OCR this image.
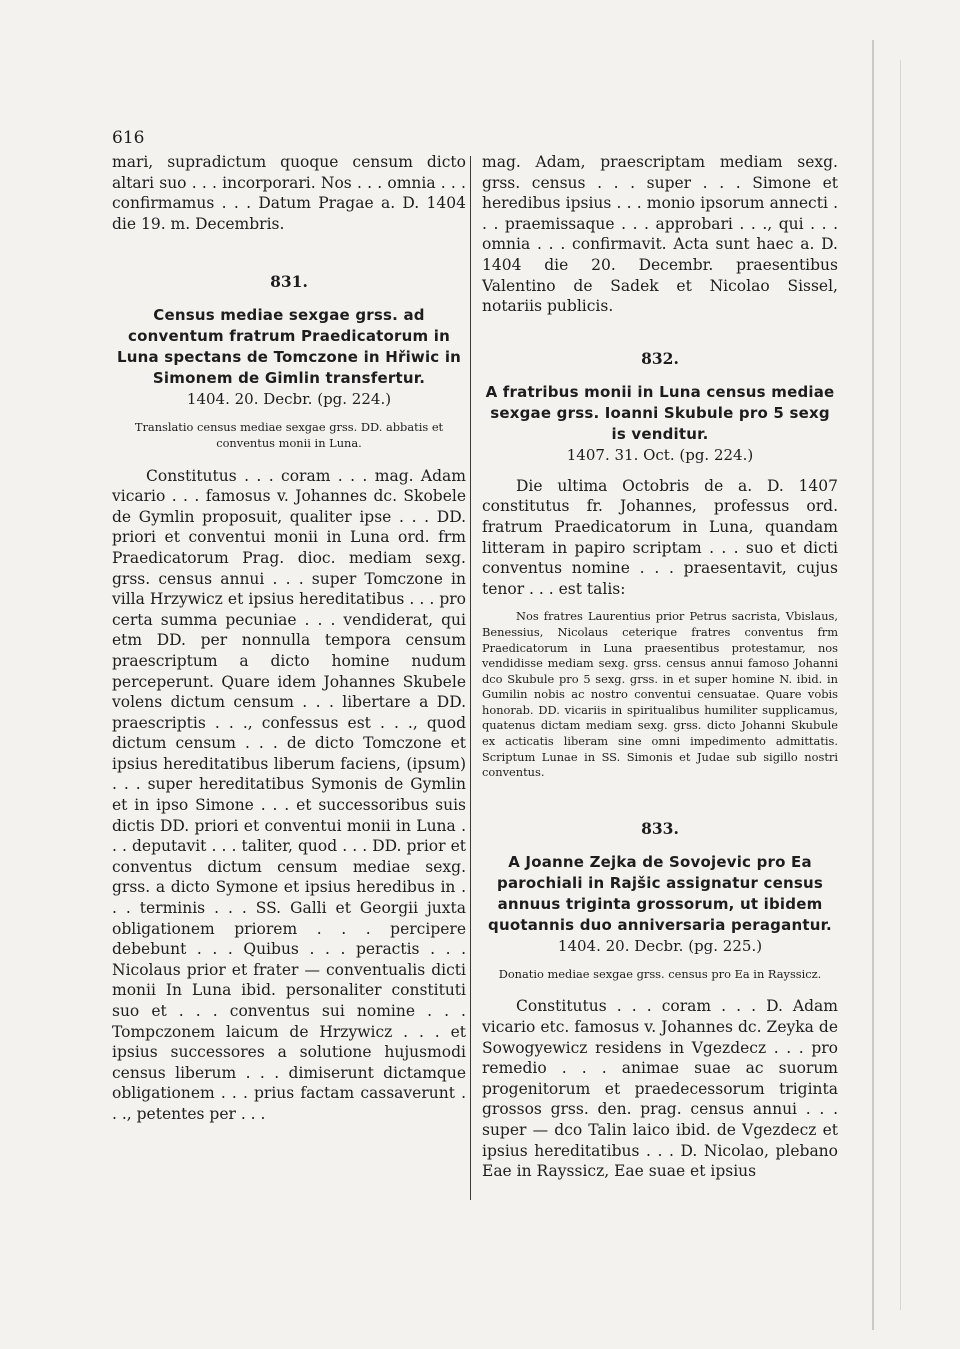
616

mari, supradictum quoque censum dicto altari suo . . . incorporari. Nos . . . omnia . . . confirmamus . . . Datum Pragae a. D. 1404 die 19. m. Decembris.

831.

Census mediae sexgae grss. ad conventum fratrum Praedicatorum in Luna spectans de Tomczone in Hřiwic in Simonem de Gimlin transfertur.

1404. 20. Decbr. (pg. 224.)

Translatio census mediae sexgae grss. DD. abbatis et conventus monii in Luna.

Constitutus . . . coram . . . mag. Adam vicario . . . famosus v. Johannes dc. Skobele de Gymlin proposuit, qualiter ipse . . . DD. priori et conventui monii in Luna ord. frm Praedicatorum Prag. dioc. mediam sexg. grss. census annui . . . super Tomczone in villa Hrzywicz et ipsius hereditatibus . . . pro certa summa pecuniae . . . vendiderat, qui etm DD. per nonnulla tempora censum praescriptum a dicto homine nudum perceperunt. Quare idem Johannes Skubele volens dictum censum . . . libertare a DD. praescriptis . . ., confessus est . . ., quod dictum censum . . . de dicto Tomczone et ipsius hereditatibus liberum faciens, (ipsum) . . . super hereditatibus Symonis de Gymlin et in ipso Simone . . . et successoribus suis dictis DD. priori et conventui monii in Luna . . . deputavit . . . taliter, quod . . . DD. prior et conventus dictum censum mediae sexg. grss. a dicto Symone et ipsius heredibus in . . . terminis . . . SS. Galli et Georgii juxta obligationem priorem . . . percipere debebunt . . . Quibus . . . peractis . . . Nicolaus prior et frater — conventualis dicti monii In Luna ibid. personaliter constituti suo et . . . conventus sui nomine . . . Tompczonem laicum de Hrzywicz . . . et ipsius successores a solutione hujusmodi census liberum . . . dimiserunt dictamque obligationem . . . prius factam cassaverunt . . ., petentes per . . .

mag. Adam, praescriptam mediam sexg. grss. census . . . super . . . Simone et heredibus ipsius . . . monio ipsorum annecti . . . praemissaque . . . approbari . . ., qui . . . omnia . . . confirmavit. Acta sunt haec a. D. 1404 die 20. Decembr. praesentibus Valentino de Sadek et Nicolao Sissel, notariis publicis.

832.

A fratribus monii in Luna census mediae sexgae grss. Ioanni Skubule pro 5 sexg is venditur.

1407. 31. Oct. (pg. 224.)

Die ultima Octobris de a. D. 1407 constitutus fr. Johannes, professus ord. fratrum Praedicatorum in Luna, quandam litteram in papiro scriptam . . . suo et dicti conventus nomine . . . praesentavit, cujus tenor . . . est talis:

Nos fratres Laurentius prior Petrus sacrista, Vbislaus, Benessius, Nicolaus ceterique fratres conventus frm Praedicatorum in Luna praesentibus protestamur, nos vendidisse mediam sexg. grss. census annui famoso Johanni dco Skubule pro 5 sexg. grss. in et super homine N. ibid. in Gumilin nobis ac nostro conventui censuatae. Quare vobis honorab. DD. vicariis in spiritualibus humiliter supplicamus, quatenus dictam mediam sexg. grss. dicto Johanni Skubule ex acticatis liberam sine omni impedimento admittatis. Scriptum Lunae in SS. Simonis et Judae sub sigillo nostri conventus.

833.

A Joanne Zejka de Sovojevic pro Ea parochiali in Rajšic assignatur census annuus triginta grossorum, ut ibidem quotannis duo anniversaria peragantur.

1404. 20. Decbr. (pg. 225.)

Donatio mediae sexgae grss. census pro Ea in Rayssicz.

Constitutus . . . coram . . . D. Adam vicario etc. famosus v. Johannes dc. Zeyka de Sowogyewicz residens in Vgezdecz . . . pro remedio . . . animae suae ac suorum progenitorum et praedecessorum triginta grossos grss. den. prag. census annui . . . super — dco Talin laico ibid. de Vgezdecz et ipsius hereditatibus . . . D. Nicolao, plebano Eae in Rayssicz, Eae suae et ipsius
